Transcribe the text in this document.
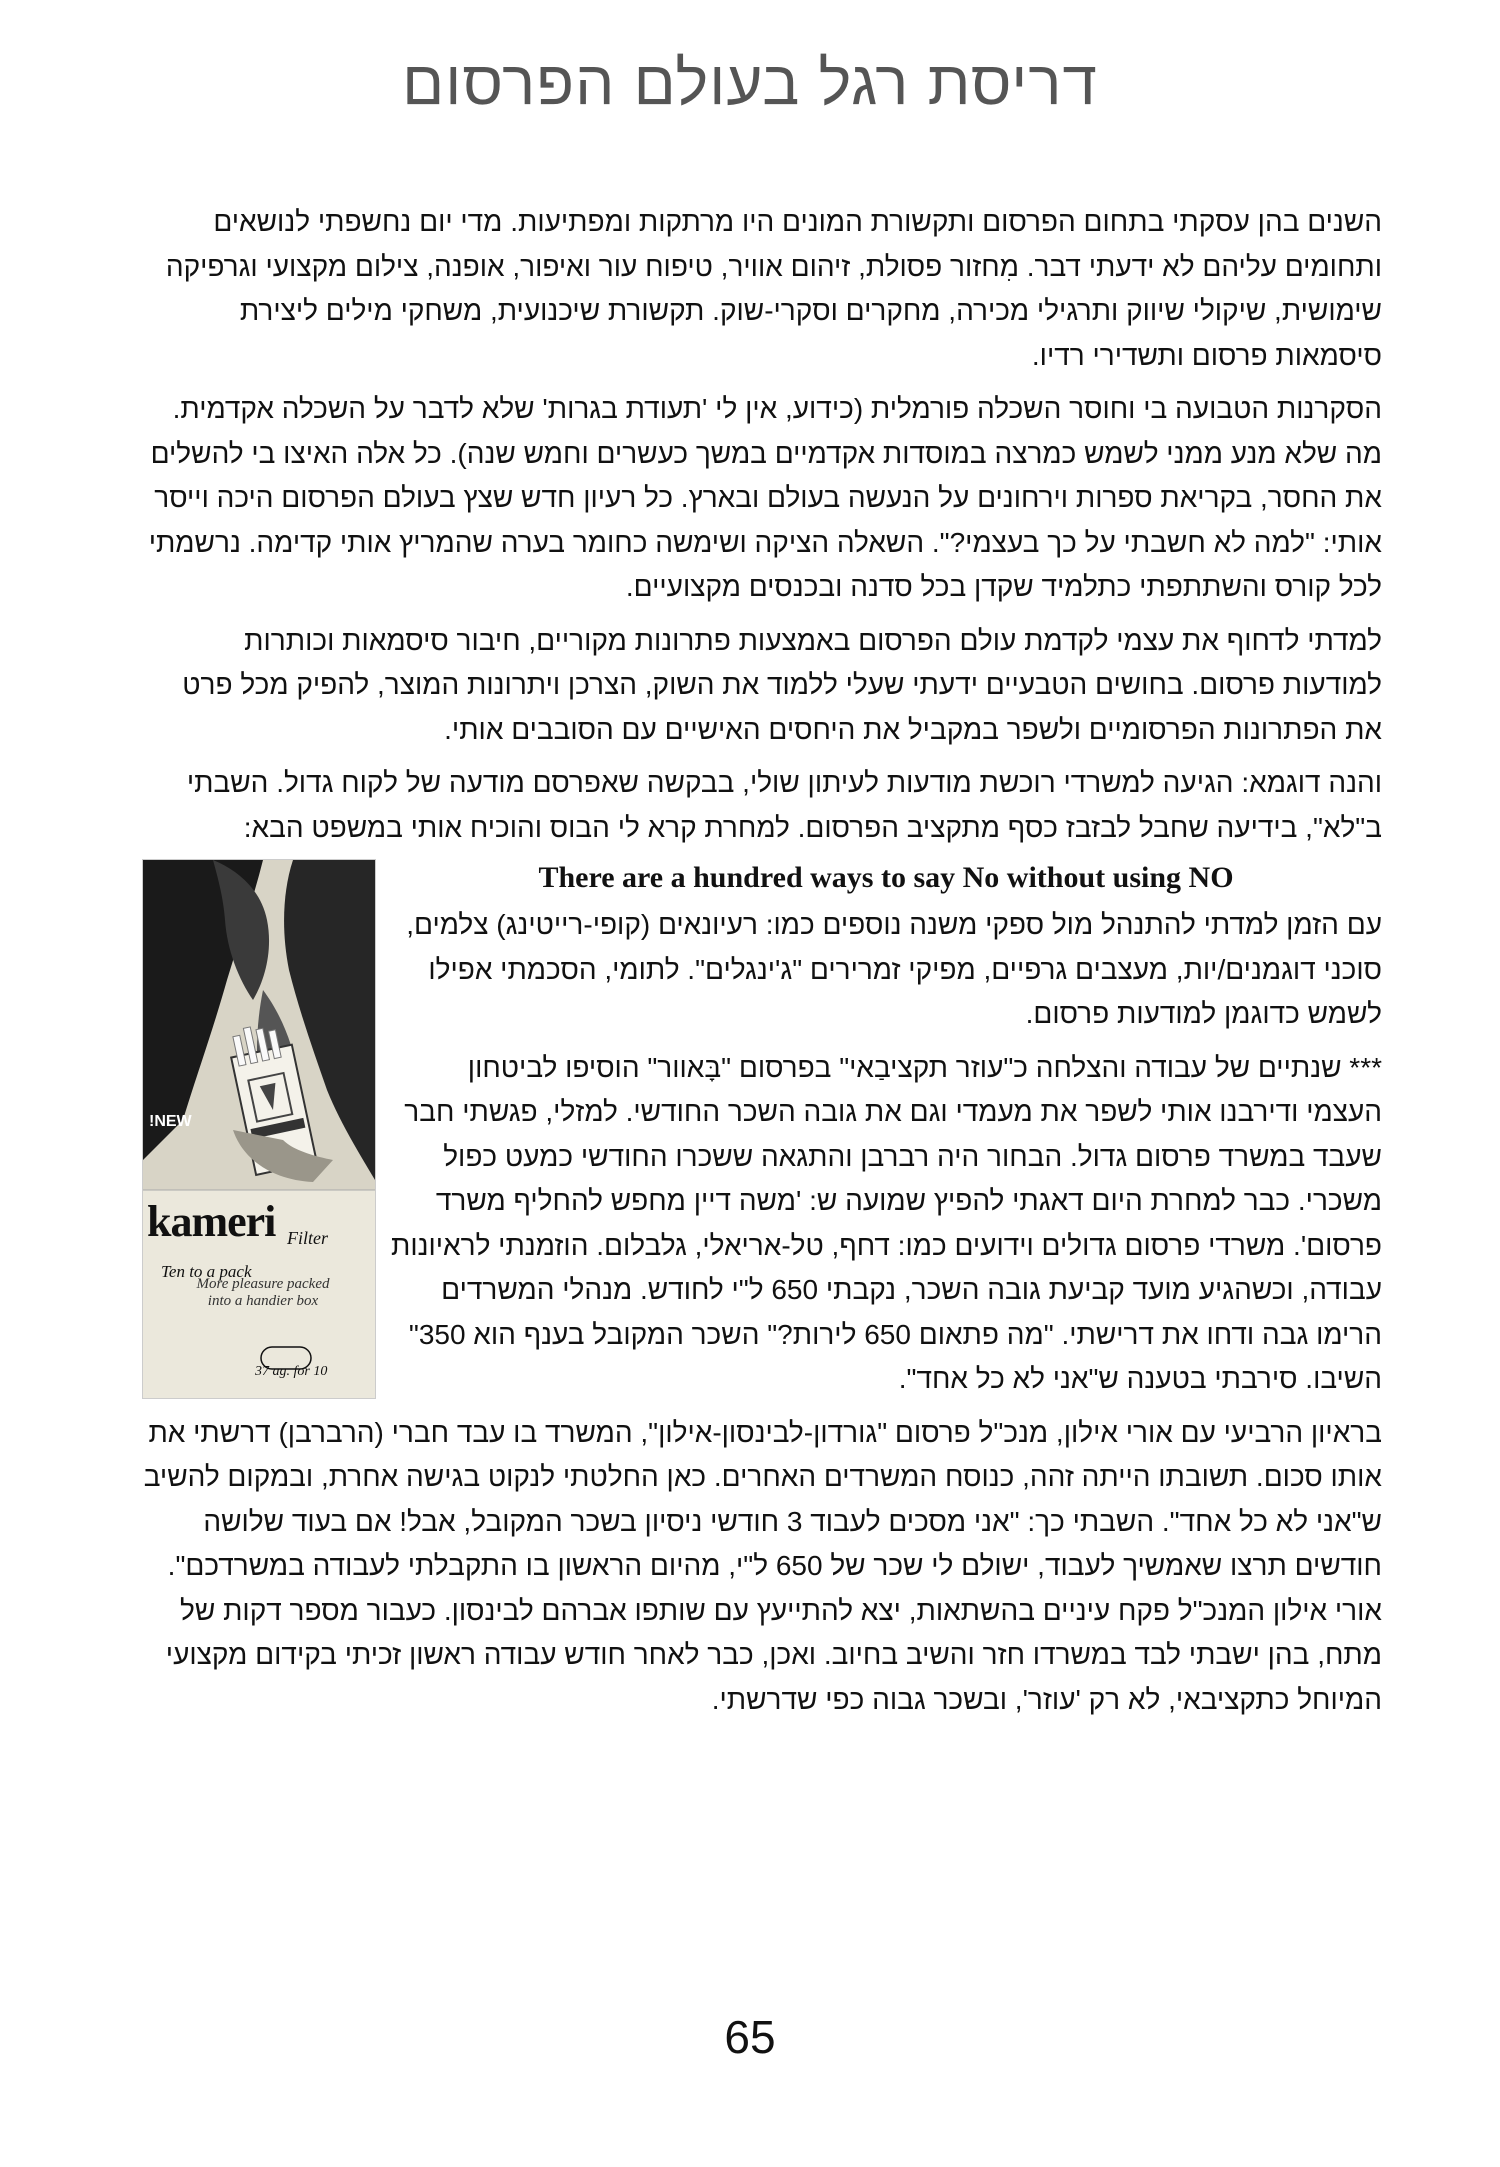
דריסת רגל בעולם הפרסום

השנים בהן עסקתי בתחום הפרסום ותקשורת המונים היו מרתקות ומפתיעות. מדי יום נחשפתי לנושאים ותחומים עליהם לא ידעתי דבר. מִחזור פסולת, זיהום אוויר, טיפוח עור ואיפור, אופנה, צילום מקצועי וגרפיקה שימושית, שיקולי שיווק ותרגילי מכירה, מחקרים וסקרי-שוק. תקשורת שיכנועית, משחקי מילים ליצירת סיסמאות פרסום ותשדירי רדיו.

הסקרנות הטבועה בי וחוסר השכלה פורמלית (כידוע, אין לי 'תעודת בגרות' שלא לדבר על השכלה אקדמית. מה שלא מנע ממני לשמש כמרצה במוסדות אקדמיים במשך כעשרים וחמש שנה). כל אלה האיצו בי להשלים את החסר, בקריאת ספרות וירחונים על הנעשה בעולם ובארץ. כל רעיון חדש שצץ בעולם הפרסום היכה וייסר אותי: "למה לא חשבתי על כך בעצמי?". השאלה הציקה ושימשה כחומר בערה שהמריץ אותי קדימה. נרשמתי לכל קורס והשתתפתי כתלמיד שקדן בכל סדנה ובכנסים מקצועיים.

למדתי לדחוף את עצמי לקדמת עולם הפרסום באמצעות פתרונות מקוריים, חיבור סיסמאות וכותרות למודעות פרסום. בחושים הטבעיים ידעתי שעלי ללמוד את השוק, הצרכן ויתרונות המוצר, להפיק מכל פרט את הפתרונות הפרסומיים ולשפר במקביל את היחסים האישיים עם הסובבים אותי.

והנה דוגמא: הגיעה למשרדי רוכשת מודעות לעיתון שולי, בבקשה שאפרסם מודעה של לקוח גדול. השבתי ב"לא", בידיעה שחבל לבזבז כסף מתקציב הפרסום. למחרת קרא לי הבוס והוכיח אותי במשפט הבא:

NEW!
kameri Filter
Ten to a pack
More pleasure packed into a handier box
37 ag. for 10

There are a hundred ways to say No without using NO

עם הזמן למדתי להתנהל מול ספקי משנה נוספים כמו: רעיונאים (קופי-רייטינג) צלמים, סוכני דוגמנים/יות, מעצבים גרפיים, מפיקי זמרירים "ג'ינגלים". לתומי, הסכמתי אפילו לשמש כדוגמן למודעות פרסום.

*** שנתיים של עבודה והצלחה כ"עוזר תקציבַאי" בפרסום "בָּאוור" הוסיפו לביטחון העצמי ודירבנו אותי לשפר את מעמדי וגם את גובה השכר החודשי. למזלי, פגשתי חבר שעבד במשרד פרסום גדול. הבחור היה רברבן והתגאה ששכרו החודשי כמעט כפול משכרי. כבר למחרת היום דאגתי להפיץ שמועה ש: 'משה דיין מחפש להחליף משרד פרסום'. משרדי פרסום גדולים וידועים כמו: דחף, טל-אריאלי, גלבלום. הוזמנתי לראיונות עבודה, וכשהגיע מועד קביעת גובה השכר, נקבתי 650 ל"י לחודש. מנהלי המשרדים הרימו גבה ודחו את דרישתי. "מה פתאום 650 לירות?" השכר המקובל בענף הוא 350" השיבו. סירבתי בטענה ש"אני לא כל אחד".

בראיון הרביעי עם אורי אילון, מנכ"ל פרסום "גורדון-לבינסון-אילון", המשרד בו עבד חברי (הרברבן) דרשתי את אותו סכום. תשובתו הייתה זהה, כנוסח המשרדים האחרים. כאן החלטתי לנקוט בגישה אחרת, ובמקום להשיב ש"אני לא כל אחד". השבתי כך: "אני מסכים לעבוד 3 חודשי ניסיון בשכר המקובל, אבל! אם בעוד שלושה חודשים תרצו שאמשיך לעבוד, ישולם לי שכר של 650 ל"י, מהיום הראשון בו התקבלתי לעבודה במשרדכם". אורי אילון המנכ"ל פקח עיניים בהשתאות, יצא להתייעץ עם שותפו אברהם לבינסון. כעבור מספר דקות של מתח, בהן ישבתי לבד במשרדו חזר והשיב בחיוב. ואכן, כבר לאחר חודש עבודה ראשון זכיתי בקידום מקצועי המיוחל כתקציבאי, לא רק 'עוזר', ובשכר גבוה כפי שדרשתי.

65
